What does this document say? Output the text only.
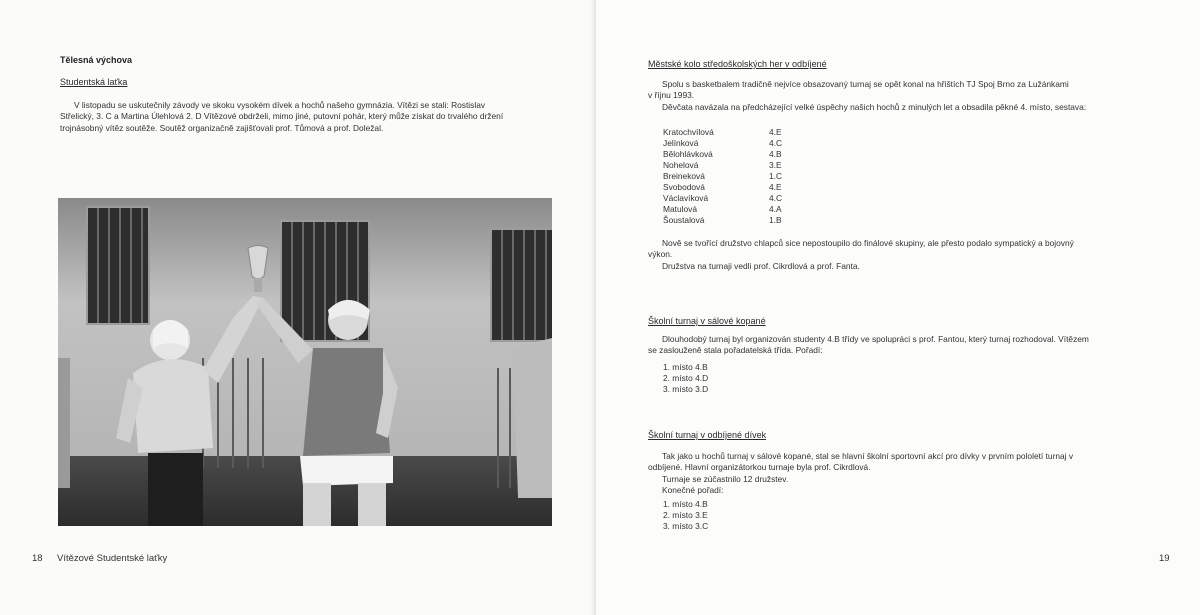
Tělesná výchova
Studentská laťka
V listopadu se uskutečnily závody ve skoku vysokém dívek a hochů našeho gymnázia. Vítězi se stali: Rostislav
Střelický, 3. C a Martina Úlehlová 2. D Vítězové obdrželi, mimo jiné, putovní pohár, který může získat do trvalého držení
trojnásobný vítěz soutěže. Soutěž organizačně zajišťovali prof. Tůmová a prof. Doležal.
18 Vítězové Studentské laťky
Městské kolo středoškolských her v odbíjené
Spolu s basketbalem tradičně nejvíce obsazovaný turnaj se opět konal na hřištích TJ Spoj Brno za Lužánkami
v říjnu 1993.
Děvčata navázala na předcházející velké úspěchy našich hochů z minulých let a obsadila pěkné 4. místo, sestava:
Kratochvílová	4.E
Jelínková	4.C
Bělohlávková	4.B
Nohelová	3.E
Breineková	1.C
Svobodová	4.E
Václavíková	4.C
Matulová	4.A
Šoustalová	1.B
Nově se tvořící družstvo chlapců sice nepostoupilo do finálové skupiny, ale přesto podalo sympatický a bojovný
výkon.
Družstva na turnaji vedli prof. Cikrdlová a prof. Fanta.
Školní turnaj v sálové kopané
Dlouhodobý turnaj byl organizován studenty 4.B třídy ve spolupráci s prof. Fantou, který turnaj rozhodoval. Vítězem
se zaslouženě stala pořadatelská třída. Pořadí:
1. místo 4.B
2. místo 4.D
3. místo 3.D
Školní turnaj v odbíjené dívek
Tak jako u hochů turnaj v sálové kopané, stal se hlavní školní sportovní akcí pro dívky v prvním pololetí turnaj v
odbíjené. Hlavní organizátorkou turnaje byla prof. Cikrdlová.
Turnaje se zúčastnilo 12 družstev.
Konečné pořadí:
1. místo 4.B
2. místo 3.E
3. místo 3.C
19
